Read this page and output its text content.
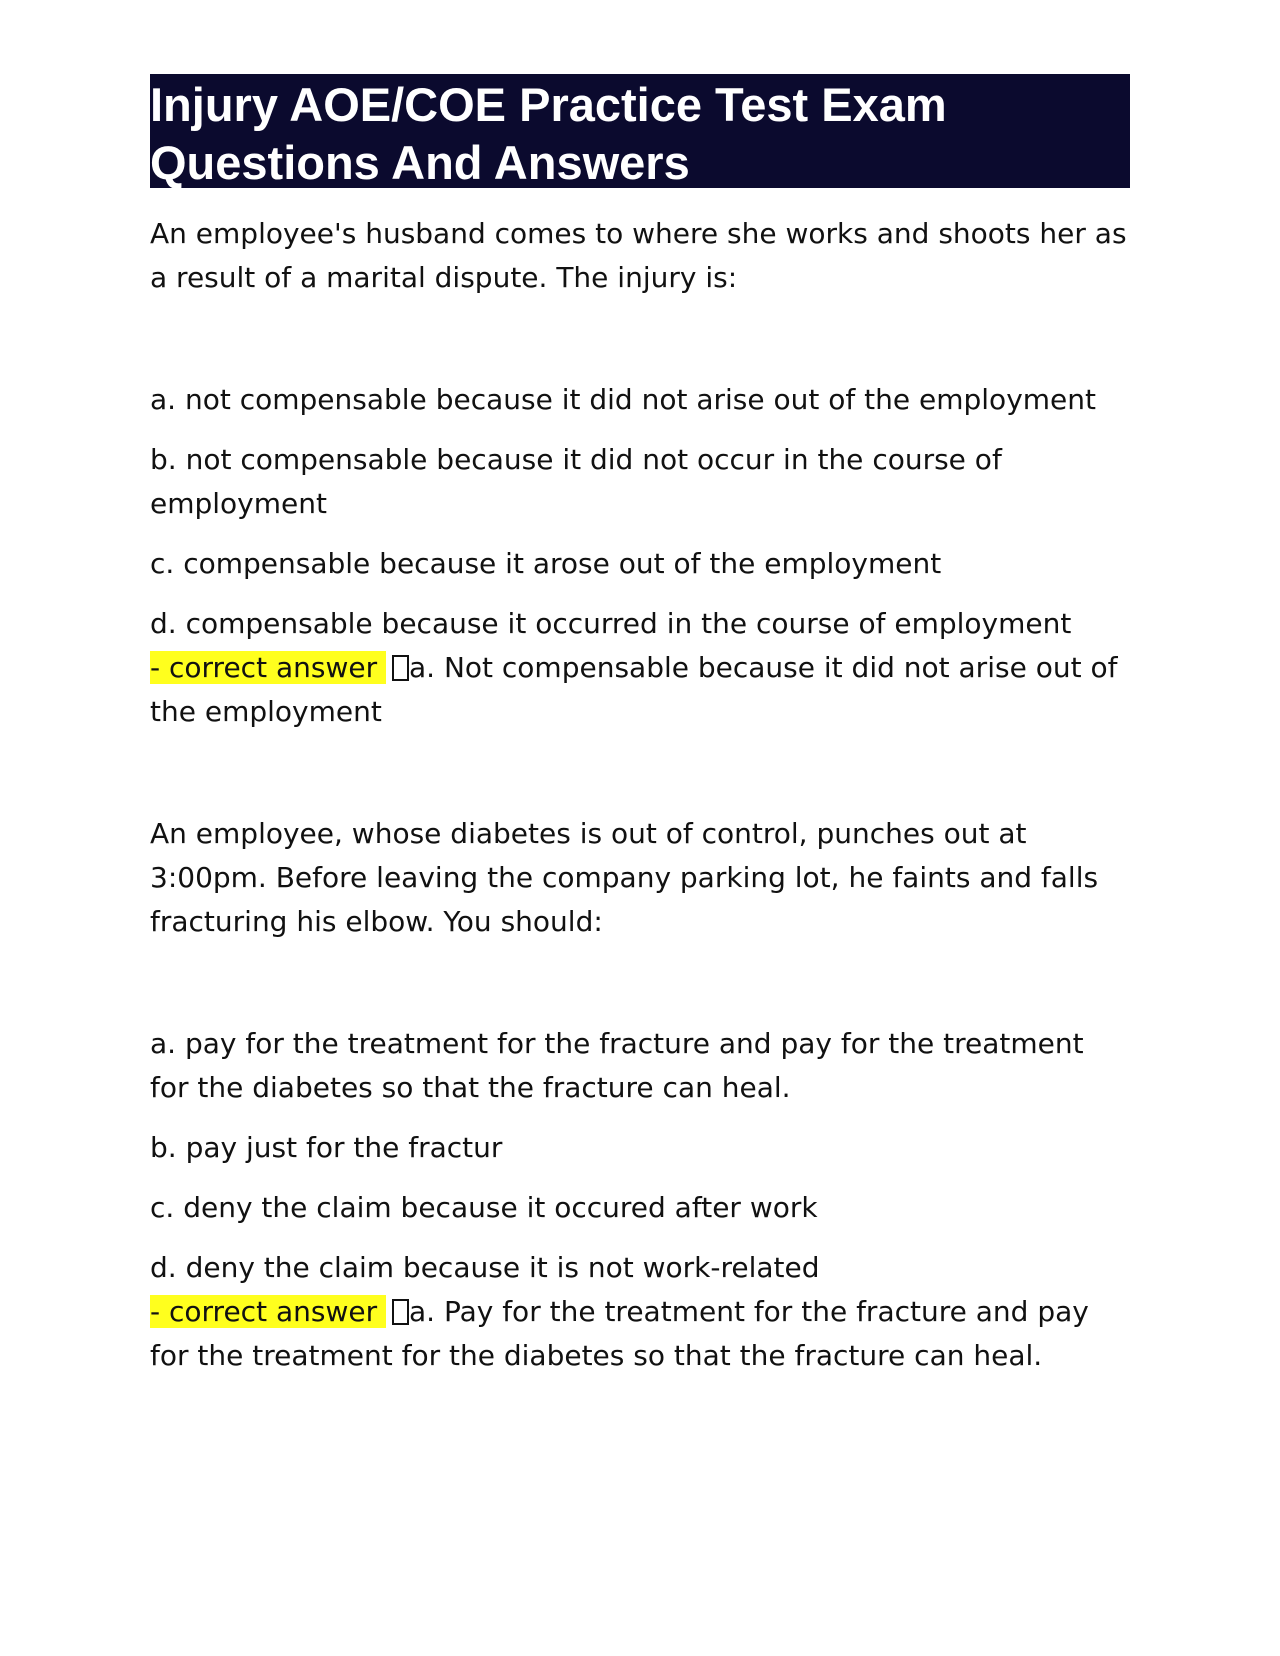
Injury AOE/COE Practice Test Exam
Questions And Answers

An employee's husband comes to where she works and shoots her as a result of a marital dispute. The injury is:

a. not compensable because it did not arise out of the employment

b. not compensable because it did not occur in the course of employment

c. compensable because it arose out of the employment

d. compensable because it occurred in the course of employment

- correct answer a. Not compensable because it did not arise out of the employment

An employee, whose diabetes is out of control, punches out at 3:00pm. Before leaving the company parking lot, he faints and falls fracturing his elbow. You should:

a. pay for the treatment for the fracture and pay for the treatment for the diabetes so that the fracture can heal.

b. pay just for the fractur

c. deny the claim because it occured after work

d. deny the claim because it is not work-related

- correct answer a. Pay for the treatment for the fracture and pay for the treatment for the diabetes so that the fracture can heal.
